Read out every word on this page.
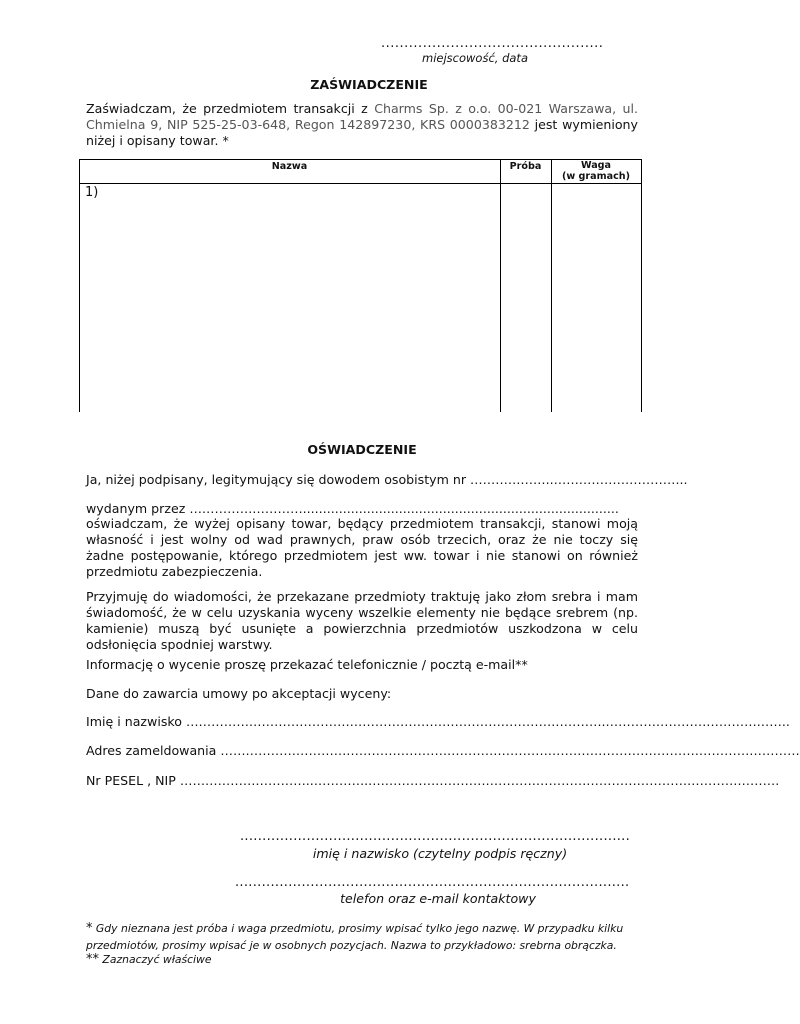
................................................
miejscowość, data
ZAŚWIADCZENIE
Zaświadczam, że przedmiotem transakcji z Charms Sp. z o.o. 00-021 Warszawa, ul. Chmielna 9, NIP 525-25-03-648, Regon 142897230, KRS 0000383212 jest wymieniony niżej i opisany towar. *
Nazwa	Próba	Waga
(w gramach)
1)
OŚWIADCZENIE
Ja, niżej podpisany, legitymujący się dowodem osobistym nr ………………..…………………………..
wydanym przez ………………………...............................................................................
oświadczam, że wyżej opisany towar, będący przedmiotem transakcji, stanowi moją własność i jest wolny od wad prawnych, praw osób trzecich, oraz że nie toczy się żadne postępowanie, którego przedmiotem jest ww. towar i nie stanowi on również przedmiotu zabezpieczenia.
Przyjmuję do wiadomości, że przekazane przedmioty traktuję jako złom srebra i mam świadomość, że w celu uzyskania wyceny wszelkie elementy nie będące srebrem (np. kamienie) muszą być usunięte a powierzchnia przedmiotów uszkodzona w celu odsłonięcia spodniej warstwy.
Informację o wycenie proszę przekazać telefonicznie / pocztą e-mail**
Dane do zawarcia umowy po akceptacji wyceny:
Imię i nazwisko ……………………………………………………………………………………….……………………………………..
Adres zameldowania …………………………………………………………………………………………………………………………
Nr PESEL , NIP …………………………..…………..…………………………………………………………………………………….
........................................................................................
imię i nazwisko (czytelny podpis ręczny)
.........................................................................................
telefon oraz e-mail kontaktowy
* Gdy nieznana jest próba i waga przedmiotu, prosimy wpisać tylko jego nazwę. W przypadku kilku przedmiotów, prosimy wpisać je w osobnych pozycjach. Nazwa to przykładowo: srebrna obrączka.
** Zaznaczyć właściwe
